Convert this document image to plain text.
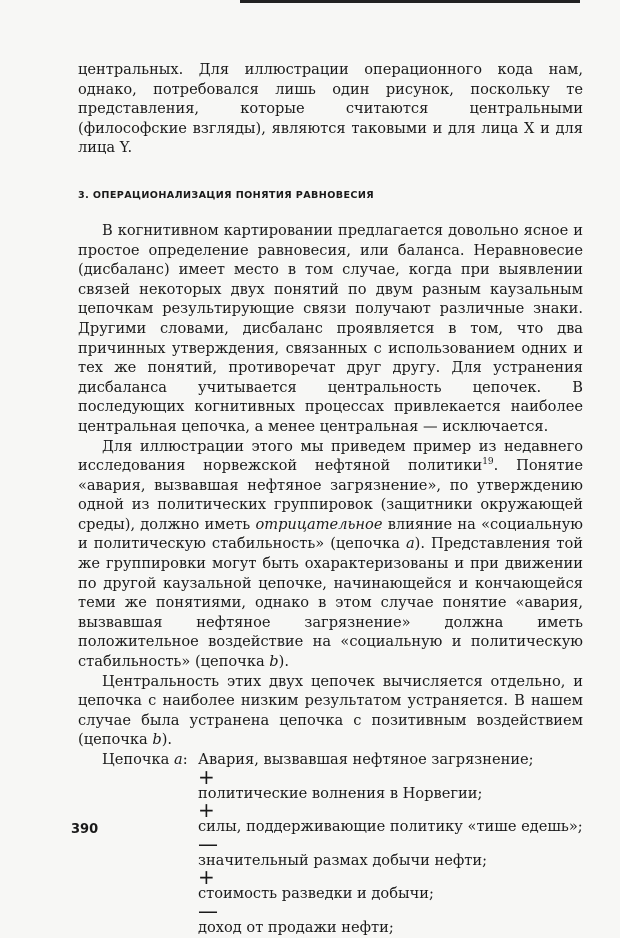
центральных. Для иллюстрации операционного кода нам, однако, потребовался лишь один рисунок, поскольку те представления, которые считаются центральными (философские взгляды), являются таковыми и для лица X и для лица Y.

3. ОПЕРАЦИОНАЛИЗАЦИЯ ПОНЯТИЯ РАВНОВЕСИЯ

В когнитивном картировании предлагается довольно ясное и простое определение равновесия, или баланса. Неравновесие (дисбаланс) имеет место в том случае, когда при выявлении связей некоторых двух понятий по двум разным каузальным цепочкам результирующие связи получают различные знаки. Другими словами, дисбаланс проявляется в том, что два причинных утверждения, связанных с использованием одних и тех же понятий, противоречат друг другу. Для устранения дисбаланса учитывается центральность цепочек. В последующих когнитивных процессах привлекается наиболее центральная цепочка, а менее центральная — исключается.

Для иллюстрации этого мы приведем пример из недавнего исследования норвежской нефтяной политики$^{19}$. Понятие «авария, вызвавшая нефтяное загрязнение», по утверждению одной из политических группировок (защитники окружающей среды), должно иметь отрицательное влияние на «социальную и политическую стабильность» (цепочка a). Представления той же группировки могут быть охарактеризованы и при движении по другой каузальной цепочке, начинающейся и кончающейся теми же понятиями, однако в этом случае понятие «авария, вызвавшая нефтяное загрязнение» должна иметь положительное воздействие на «социальную и политическую стабильность» (цепочка b).

Центральность этих двух цепочек вычисляется отдельно, и цепочка с наиболее низким результатом устраняется. В нашем случае была устранена цепочка с позитивным воздействием (цепочка b).

Цепочка a: Авария, вызвавшая нефтяное загрязнение;
+
политические волнения в Норвегии;
+
силы, поддерживающие политику «тише едешь»;
—
значительный размах добычи нефти;
+
стоимость разведки и добычи;
—
доход от продажи нефти;
390
